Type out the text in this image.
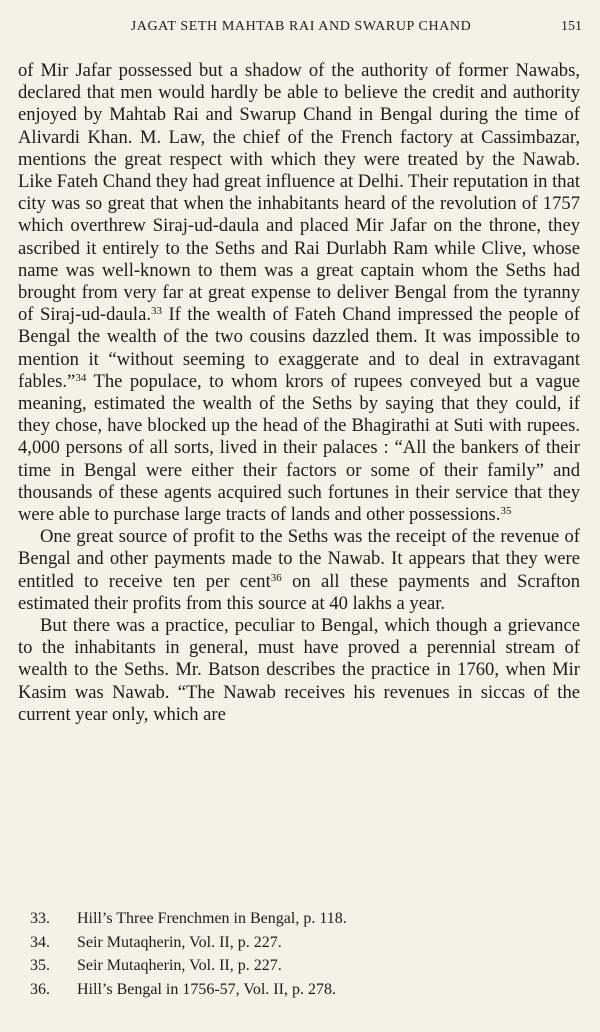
JAGAT SETH MAHTAB RAI AND SWARUP CHAND	151

of Mir Jafar possessed but a shadow of the authority of former Nawabs, declared that men would hardly be able to believe the credit and authority enjoyed by Mahtab Rai and Swarup Chand in Bengal during the time of Alivardi Khan. M. Law, the chief of the French factory at Cassimbazar, mentions the great respect with which they were treated by the Nawab. Like Fateh Chand they had great influence at Delhi. Their reputation in that city was so great that when the inhabitants heard of the revolution of 1757 which overthrew Siraj-ud-daula and placed Mir Jafar on the throne, they ascribed it entirely to the Seths and Rai Durlabh Ram while Clive, whose name was well-known to them was a great captain whom the Seths had brought from very far at great expense to deliver Bengal from the tyranny of Siraj-ud-daula.$^{33}$ If the wealth of Fateh Chand impressed the people of Bengal the wealth of the two cousins dazzled them. It was impossible to mention it “without seeming to exaggerate and to deal in extravagant fables.”$^{34}$ The populace, to whom krors of rupees conveyed but a vague meaning, estimated the wealth of the Seths by saying that they could, if they chose, have blocked up the head of the Bhagirathi at Suti with rupees. 4,000 persons of all sorts, lived in their palaces : “All the bankers of their time in Bengal were either their factors or some of their family” and thousands of these agents acquired such fortunes in their service that they were able to purchase large tracts of lands and other possessions.$^{35}$

One great source of profit to the Seths was the receipt of the revenue of Bengal and other payments made to the Nawab. It appears that they were entitled to receive ten per cent$^{36}$ on all these payments and Scrafton estimated their profits from this source at 40 lakhs a year.

But there was a practice, peculiar to Bengal, which though a grievance to the inhabitants in general, must have proved a perennial stream of wealth to the Seths. Mr. Batson describes the practice in 1760, when Mir Kasim was Nawab. “The Nawab receives his revenues in siccas of the current year only, which are

33.	Hill’s Three Frenchmen in Bengal, p. 118.
34.	Seir Mutaqherin, Vol. II, p. 227.
35.	Seir Mutaqherin, Vol. II, p. 227.
36.	Hill’s Bengal in 1756-57, Vol. II, p. 278.
